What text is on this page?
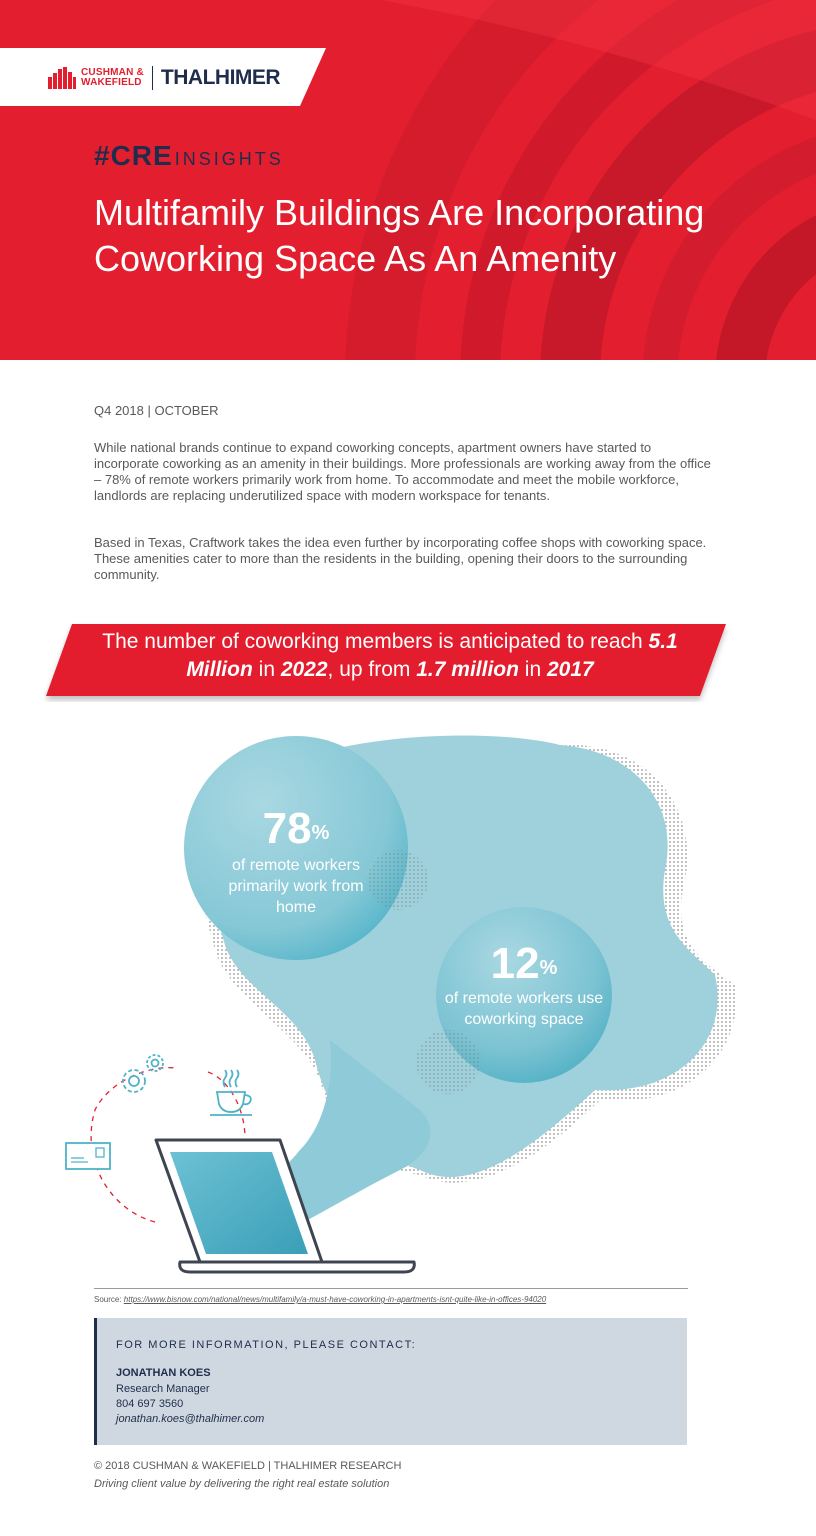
CUSHMAN &
WAKEFIELD THALHIMER
#CRE INSIGHTS
Multifamily Buildings Are Incorporating Coworking Space As An Amenity
Q4 2018 | OCTOBER

While national brands continue to expand coworking concepts, apartment owners have started to incorporate coworking as an amenity in their buildings. More professionals are working away from the office – 78% of remote workers primarily work from home. To accommodate and meet the mobile workforce, landlords are replacing underutilized space with modern workspace for tenants.

Based in Texas, Craftwork takes the idea even further by incorporating coffee shops with coworking space. These amenities cater to more than the residents in the building, opening their doors to the surrounding community.

The number of coworking members is anticipated to reach 5.1 Million in 2022, up from 1.7 million in 2017
78%
of remote workers primarily work from home
12%
of remote workers use coworking space
Source: https://www.bisnow.com/national/news/multifamily/a-must-have-coworking-in-apartments-isnt-quite-like-in-offices-94020
FOR MORE INFORMATION, PLEASE CONTACT:
JONATHAN KOES
Research Manager
804 697 3560
jonathan.koes@thalhimer.com
© 2018 CUSHMAN & WAKEFIELD | THALHIMER RESEARCH
Driving client value by delivering the right real estate solution
